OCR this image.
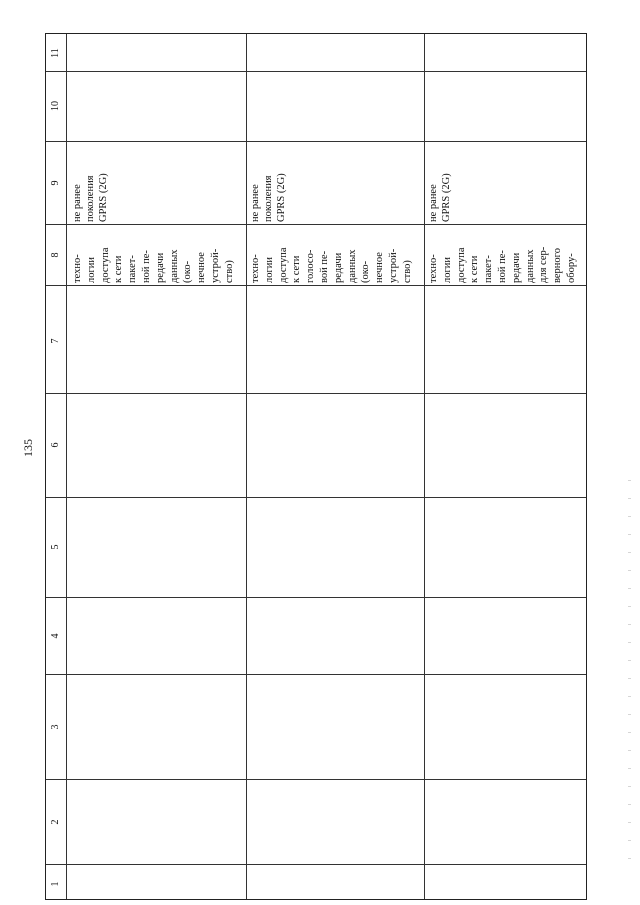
135
11
10
9
8
7
6
5
4
3
2
1
техно-
логии
доступа
к сети
пакет-
ной пе-
редачи
данных
(око-
нечное
устрой-
ство)
не ранее
поколения
GPRS (2G)
техно-
логии
доступа
к сети
голосо-
вой пе-
редачи
данных
(око-
нечное
устрой-
ство)
не ранее
поколения
GPRS (2G)
техно-
логии
доступа
к сети
пакет-
ной пе-
редачи
данных
для сер-
верного
обору-
не ранее
GPRS (2G)
